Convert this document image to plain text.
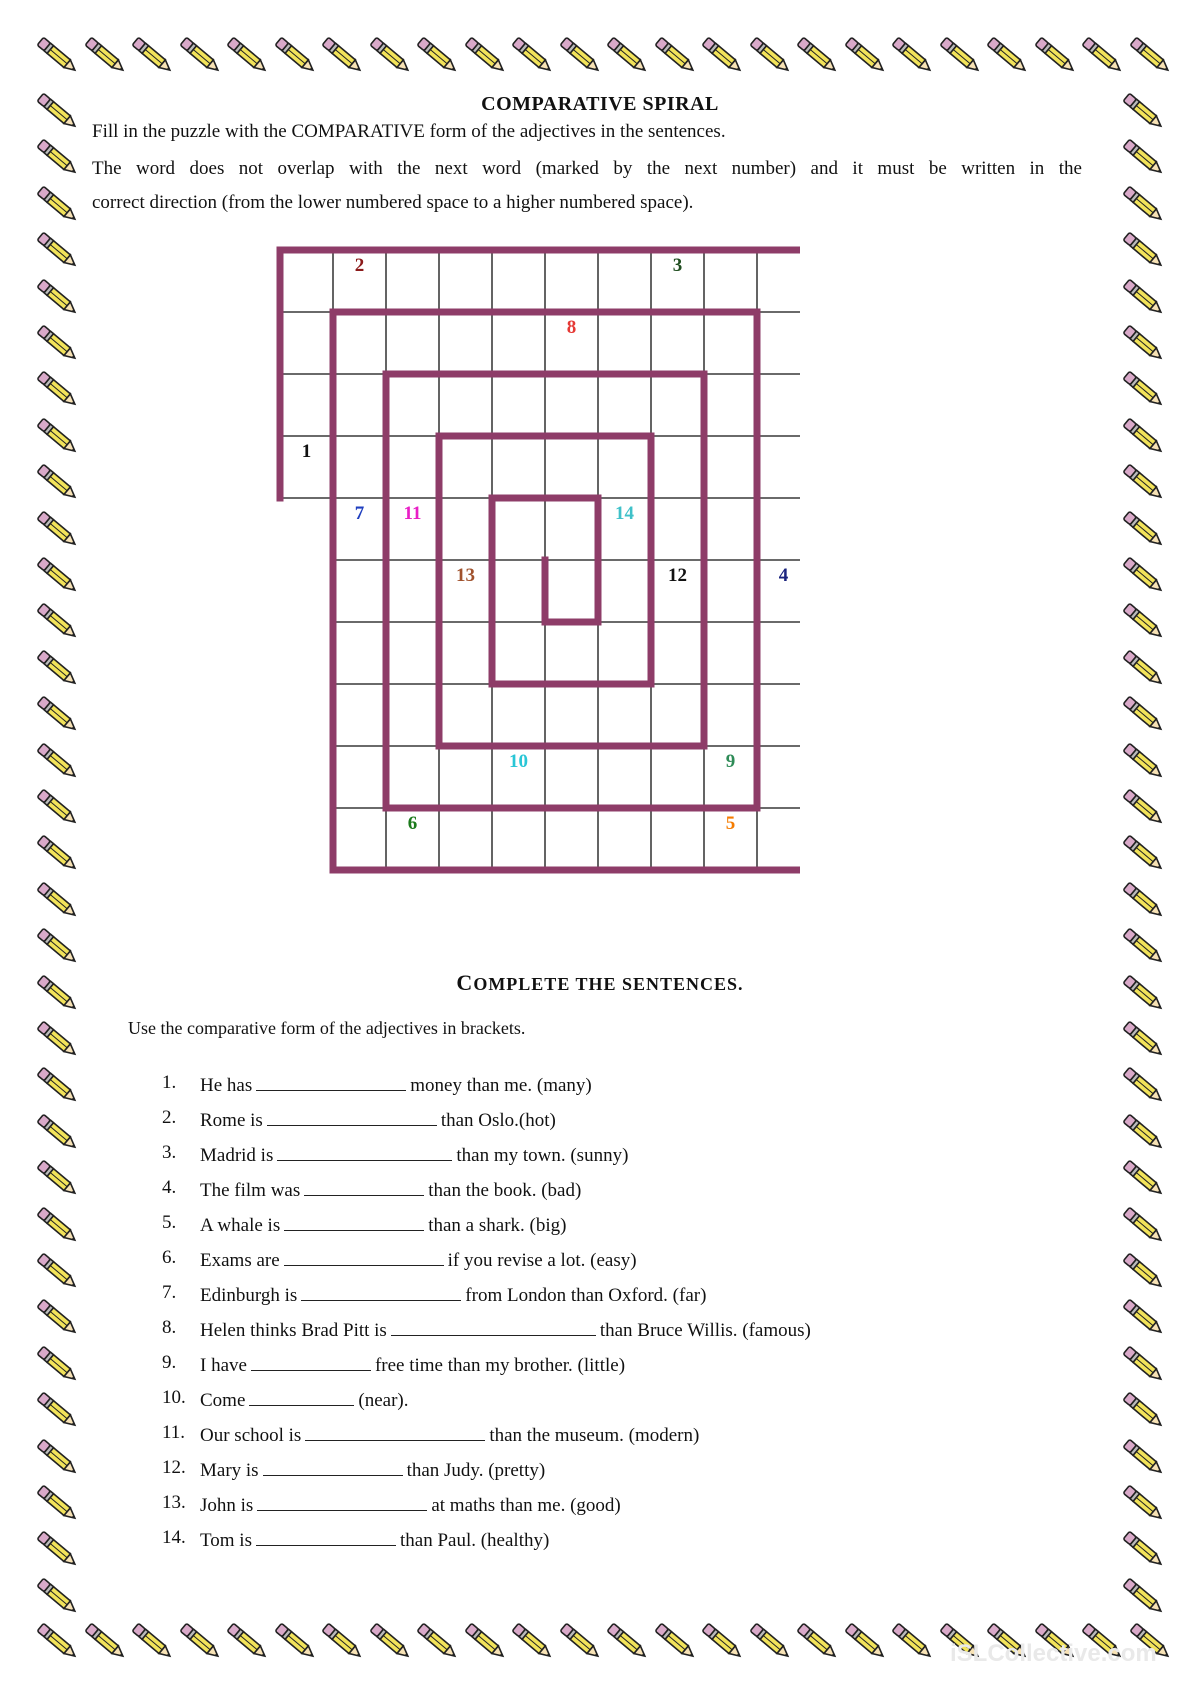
COMPARATIVE SPIRAL
Fill in the puzzle with the COMPARATIVE form of the adjectives in the sentences.
The word does not overlap with the next word (marked by the next number) and it must be written in the
correct direction (from the lower numbered space to a higher numbered space).
1
2	3
4
5
6
7
8
9
10
11
12
13
14
COMPLETE THE SENTENCES.
Use the comparative form of the adjectives in brackets.
1. He has	money than me. (many)
2. Rome is	than Oslo.(hot)
3. Madrid is	than my town. (sunny)
4. The film was	than the book. (bad)
5. A whale is	than a shark. (big)
6. Exams are	if you revise a lot. (easy)
7. Edinburgh is	from London than Oxford. (far)
8. Helen thinks Brad Pitt is	than Bruce Willis. (famous)
9. I have	free time than my brother. (little)
10. Come	(near).
11. Our school is	than the museum. (modern)
12. Mary is	than Judy. (pretty)
13. John is	at maths than me. (good)
14. Tom is	than Paul. (healthy)
iSLCollective.com
